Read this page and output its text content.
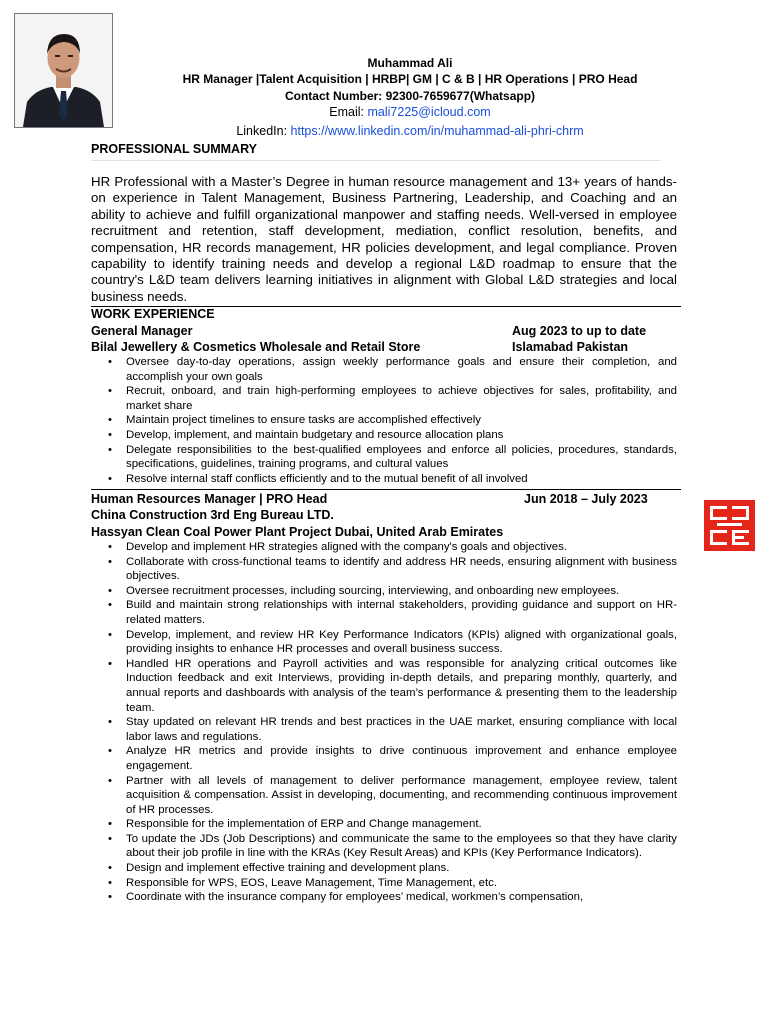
Muhammad Ali
HR Manager |Talent Acquisition | HRBP| GM | C & B | HR Operations | PRO Head
Contact Number: 92300-7659677(Whatsapp)
Email: mali7225@icloud.com
LinkedIn: https://www.linkedin.com/in/muhammad-ali-phri-chrm
PROFESSIONAL SUMMARY

HR Professional with a Master’s Degree in human resource management and 13+ years of hands-on experience in Talent Management, Business Partnering, Leadership, and Coaching and an ability to achieve and fulfill organizational manpower and staffing needs. Well-versed in employee recruitment and retention, staff development, mediation, conflict resolution, benefits, and compensation, HR records management, HR policies development, and legal compliance. Proven capability to identify training needs and develop a regional L&D roadmap to ensure that the country's L&D team delivers learning initiatives in alignment with Global L&D strategies and local business needs.

WORK EXPERIENCE
General Manager	Aug 2023 to up to date
Bilal Jewellery & Cosmetics Wholesale and Retail Store	Islamabad Pakistan
• Oversee day-to-day operations, assign weekly performance goals and ensure their completion, and accomplish your own goals
• Recruit, onboard, and train high-performing employees to achieve objectives for sales, profitability, and market share
• Maintain project timelines to ensure tasks are accomplished effectively
• Develop, implement, and maintain budgetary and resource allocation plans
• Delegate responsibilities to the best-qualified employees and enforce all policies, procedures, standards, specifications, guidelines, training programs, and cultural values
• Resolve internal staff conflicts efficiently and to the mutual benefit of all involved
Human Resources Manager | PRO Head	Jun 2018 – July 2023
China Construction 3rd Eng Bureau LTD.
Hassyan Clean Coal Power Plant Project Dubai, United Arab Emirates
• Develop and implement HR strategies aligned with the company's goals and objectives.
• Collaborate with cross-functional teams to identify and address HR needs, ensuring alignment with business objectives.
• Oversee recruitment processes, including sourcing, interviewing, and onboarding new employees.
• Build and maintain strong relationships with internal stakeholders, providing guidance and support on HR-related matters.
• Develop, implement, and review HR Key Performance Indicators (KPIs) aligned with organizational goals, providing insights to enhance HR processes and overall business success.
• Handled HR operations and Payroll activities and was responsible for analyzing critical outcomes like Induction feedback and exit Interviews, providing in-depth details, and preparing monthly, quarterly, and annual reports and dashboards with analysis of the team’s performance & presenting them to the leadership team.
• Stay updated on relevant HR trends and best practices in the UAE market, ensuring compliance with local labor laws and regulations.
• Analyze HR metrics and provide insights to drive continuous improvement and enhance employee engagement.
• Partner with all levels of management to deliver performance management, employee review, talent acquisition & compensation. Assist in developing, documenting, and recommending continuous improvement of HR processes.
• Responsible for the implementation of ERP and Change management.
• To update the JDs (Job Descriptions) and communicate the same to the employees so that they have clarity about their job profile in line with the KRAs (Key Result Areas) and KPIs (Key Performance Indicators).
• Design and implement effective training and development plans.
• Responsible for WPS, EOS, Leave Management, Time Management, etc.
• Coordinate with the insurance company for employees’ medical, workmen’s compensation,
